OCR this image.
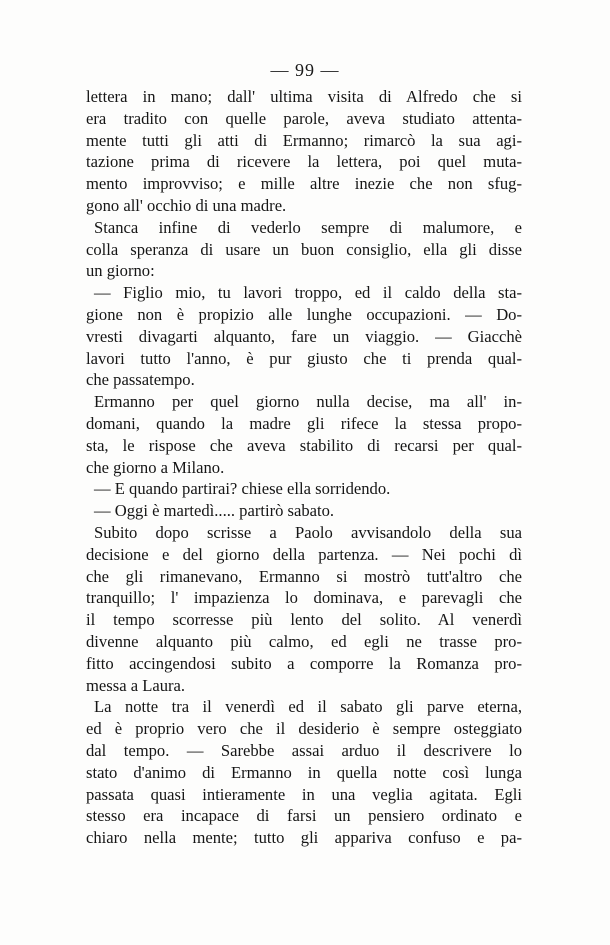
— 99 —
lettera in mano; dall' ultima visita di Alfredo che si
era tradito con quelle parole, aveva studiato attenta-
mente tutti gli atti di Ermanno; rimarcò la sua agi-
tazione prima di ricevere la lettera, poi quel muta-
mento improvviso; e mille altre inezie che non sfug-
gono all' occhio di una madre.
Stanca infine di vederlo sempre di malumore, e
colla speranza di usare un buon consiglio, ella gli disse
un giorno:
— Figlio mio, tu lavori troppo, ed il caldo della sta-
gione non è propizio alle lunghe occupazioni. — Do-
vresti divagarti alquanto, fare un viaggio. — Giacchè
lavori tutto l'anno, è pur giusto che ti prenda qual-
che passatempo.
Ermanno per quel giorno nulla decise, ma all' in-
domani, quando la madre gli rifece la stessa propo-
sta, le rispose che aveva stabilito di recarsi per qual-
che giorno a Milano.
— E quando partirai? chiese ella sorridendo.
— Oggi è martedì..... partirò sabato.
Subito dopo scrisse a Paolo avvisandolo della sua
decisione e del giorno della partenza. — Nei pochi dì
che gli rimanevano, Ermanno si mostrò tutt'altro che
tranquillo; l' impazienza lo dominava, e parevagli che
il tempo scorresse più lento del solito. Al venerdì
divenne alquanto più calmo, ed egli ne trasse pro-
fitto accingendosi subito a comporre la Romanza pro-
messa a Laura.
La notte tra il venerdì ed il sabato gli parve eterna,
ed è proprio vero che il desiderio è sempre osteggiato
dal tempo. — Sarebbe assai arduo il descrivere lo
stato d'animo di Ermanno in quella notte così lunga
passata quasi intieramente in una veglia agitata. Egli
stesso era incapace di farsi un pensiero ordinato e
chiaro nella mente; tutto gli appariva confuso e pa-
